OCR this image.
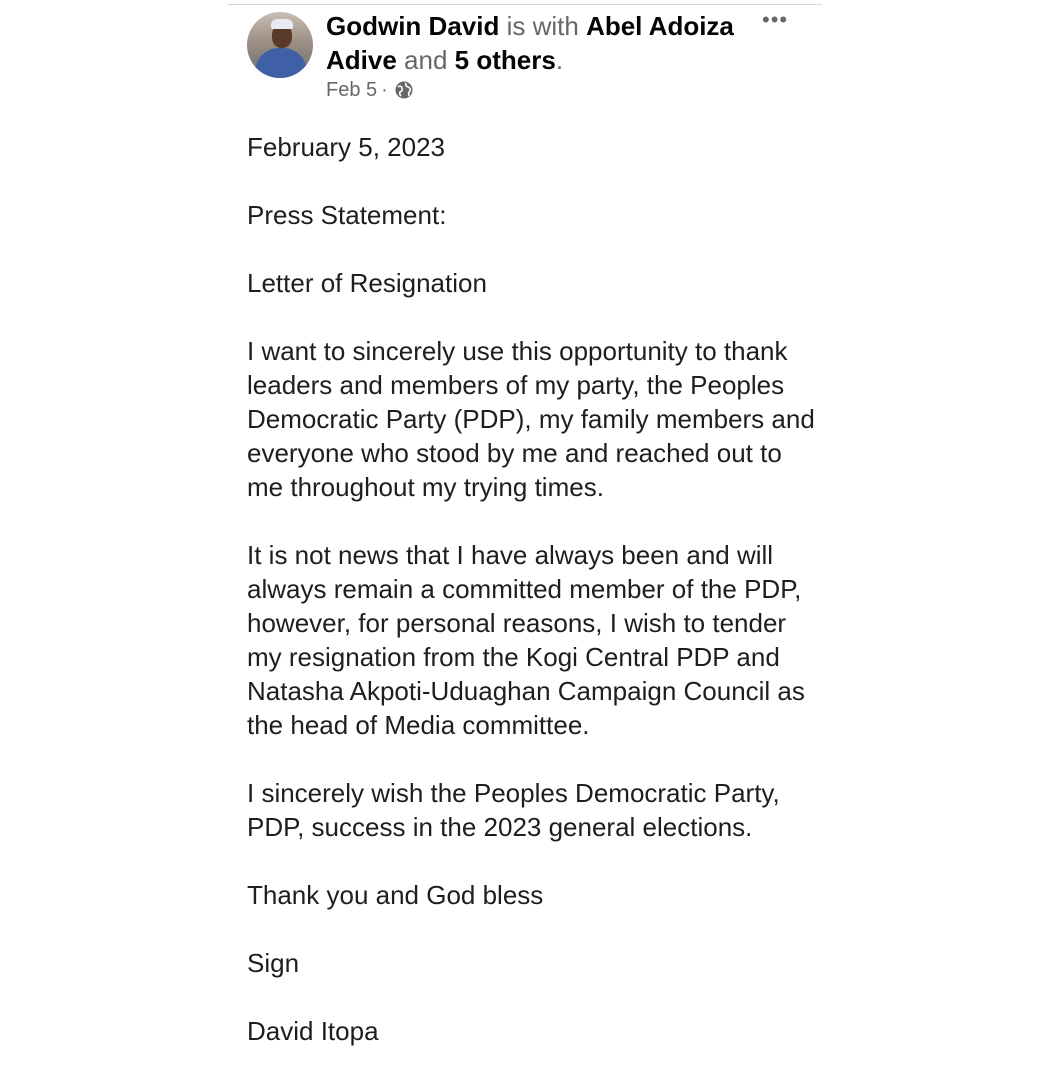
Godwin David is with Abel Adoiza Adive and 5 others.
•••
Feb 5 ·

February 5, 2023

Press Statement:

Letter of Resignation

I want to sincerely use this opportunity to thank leaders and members of my party, the Peoples Democratic Party (PDP), my family members and everyone who stood by me and reached out to me throughout my trying times.

It is not news that I have always been and will always remain a committed member of the PDP, however, for personal reasons, I wish to tender my resignation from the Kogi Central PDP and Natasha Akpoti-Uduaghan Campaign Council as the head of Media committee.

I sincerely wish the Peoples Democratic Party, PDP, success in the 2023 general elections.

Thank you and God bless

Sign

David Itopa
